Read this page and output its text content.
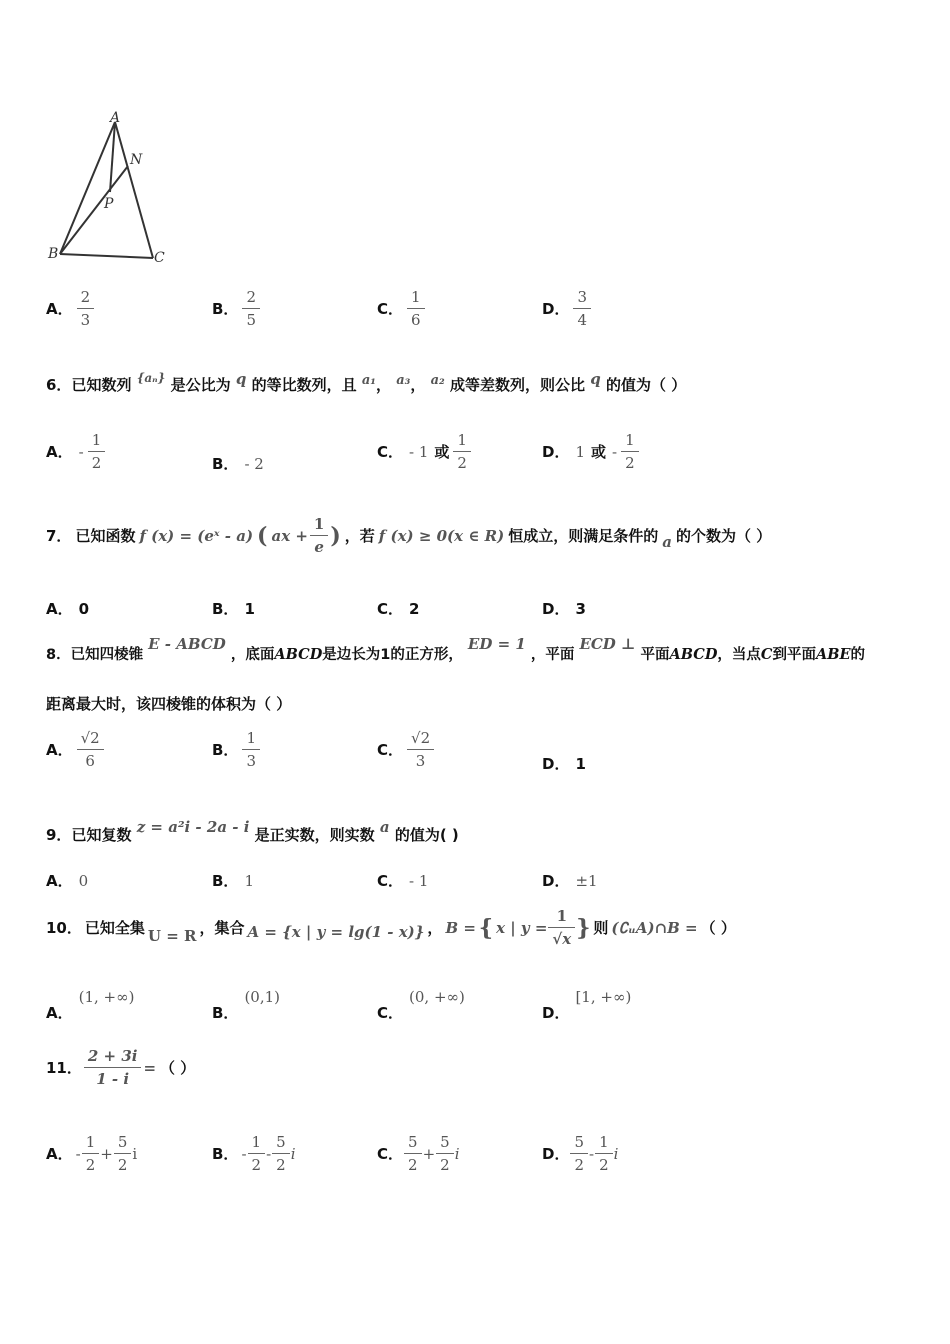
A
N
P
B	C
A． $\frac{2}{3}$	B． $\frac{2}{5}$	C． $\frac{1}{6}$	D． $\frac{3}{4}$
6．已知数列 $^{\{a_n\}}$ 是公比为 q 的等比数列，且 a₁， a₃， a₂ 成等差数列，则公比 q 的值为（ ）
A． - $\frac{1}{2}$	B． - 2
C． - 1 或 $\frac{1}{2}$	D． 1 或 - $\frac{1}{2}$
7． 已知函数 f (x) = (eˣ - a) ( ax + $\frac{1}{e}$ ) ，若 f (x) ≥ 0(x ∈ R) 恒成立，则满足条件的 a 的个数为（ ）
A． 0	B． 1	C． 2	D． 3
8．已知四棱锥 E - ABCD ，底面ABCD是边长为1的正方形， ED = 1 ，平面 ECD ⊥ 平面ABCD，当点C到平面ABE的
距离最大时，该四棱锥的体积为（ ）
A． $\frac{√2}{6}$	B． $\frac{1}{3}$	C． $\frac{√2}{3}$	D． 1
9．已知复数 z = a²i - 2a - i 是正实数，则实数 a 的值为( )
A． 0	B． 1	C． - 1	D． ±1
10． 已知全集 U = R ，集合 A = {x | y = lg(1 - x)} ， B = { x | $y = \frac{1}{√x}$ } 则 (∁ᵤA)∩B = （ ）
A．
(1, +∞)
B．
(0,1)
C．
(0, +∞)
D．
[1, +∞)
11． $\frac{2 + 3i}{1 - i}$ = （ ）
A． - $\frac{1}{2} + \frac{5}{2}$ i	B． - $\frac{1}{2} - \frac{5}{2}$ i	C． $\frac{5}{2} + \frac{5}{2}$ i	D． $\frac{5}{2} - \frac{1}{2}$ i
